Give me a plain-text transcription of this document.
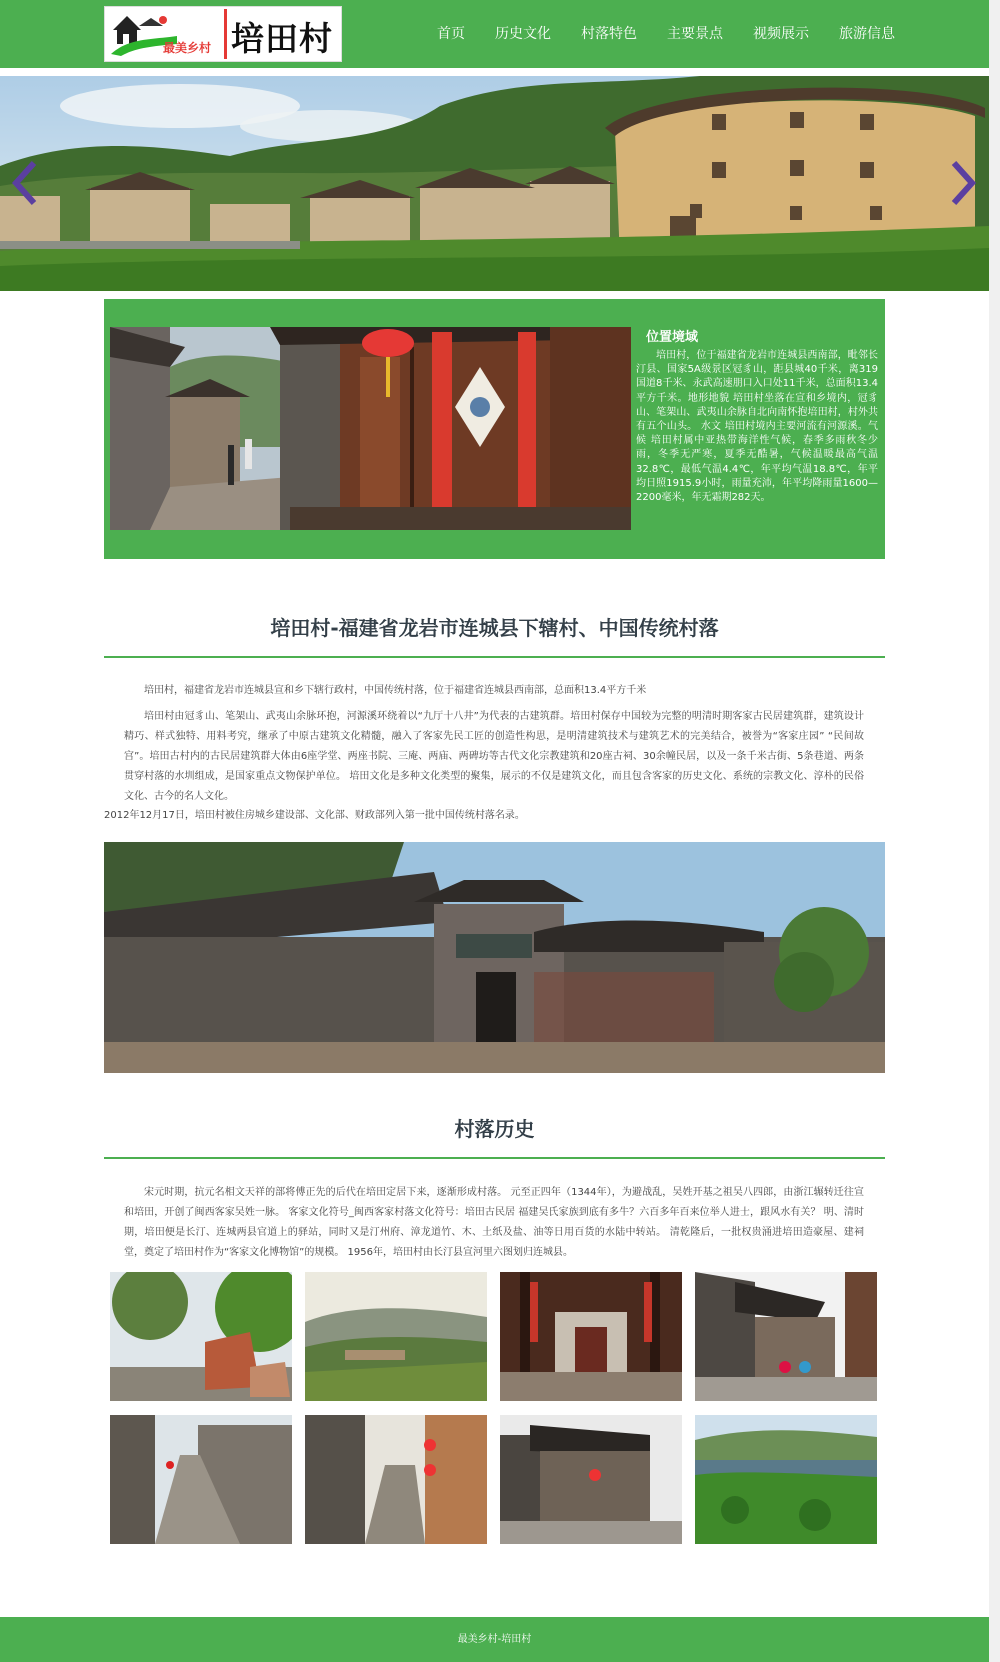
最美乡村 培田村	首页	历史文化	村落特色	主要景点	视频展示	旅游信息
位置境域

培田村，位于福建省龙岩市连城县西南部，毗邻长汀县、国家5A级景区冠豸山，距县城40千米，离319国道8千米、永武高速朋口入口处11千米，总面积13.4平方千米。地形地貌 培田村坐落在宣和乡境内，冠豸山、笔架山、武夷山余脉自北向南怀抱培田村，村外共有五个山头。 水文 培田村境内主要河流有河源溪。气候 培田村属中亚热带海洋性气候，春季多雨秋冬少雨，冬季无严寒，夏季无酷暑，气候温暖最高气温32.8℃，最低气温4.4℃，年平均气温18.8℃，年平均日照1915.9小时，雨量充沛，年平均降雨量1600—2200毫米，年无霜期282天。

培田村-福建省龙岩市连城县下辖村、中国传统村落

培田村，福建省龙岩市连城县宣和乡下辖行政村，中国传统村落，位于福建省连城县西南部，总面积13.4平方千米

培田村由冠豸山、笔架山、武夷山余脉环抱，河源溪环绕着以“九厅十八井”为代表的古建筑群。培田村保存中国较为完整的明清时期客家古民居建筑群，建筑设计精巧、样式独特、用料考究，继承了中原古建筑文化精髓，融入了客家先民工匠的创造性构思，是明清建筑技术与建筑艺术的完美结合，被誉为“客家庄园” “民间故宫”。培田古村内的古民居建筑群大体由6座学堂、两座书院、三庵、两庙、两碑坊等古代文化宗教建筑和20座古祠、30余幢民居，以及一条千米古街、5条巷道、两条贯穿村落的水圳组成，是国家重点文物保护单位。 培田文化是多种文化类型的聚集，展示的不仅是建筑文化，而且包含客家的历史文化、系统的宗教文化、淳朴的民俗文化、古今的名人文化。

2012年12月17日，培田村被住房城乡建设部、文化部、财政部列入第一批中国传统村落名录。

村落历史

宋元时期，抗元名相文天祥的部将傅正先的后代在培田定居下来，逐渐形成村落。 元至正四年（1344年），为避战乱，吴姓开基之祖吴八四郎，由浙江辗转迁往宣和培田，开创了闽西客家吴姓一脉。 客家文化符号_闽西客家村落文化符号：培田古民居 福建吴氏家族到底有多牛？六百多年百来位举人进士，跟风水有关？ 明、清时期，培田便是长汀、连城两县官道上的驿站，同时又是汀州府、漳龙道竹、木、土纸及盐、油等日用百货的水陆中转站。 清乾隆后，一批权贵涌进培田造豪屋、建祠堂，奠定了培田村作为“客家文化博物馆”的规模。 1956年，培田村由长汀县宣河里六图划归连城县。

最美乡村-培田村
